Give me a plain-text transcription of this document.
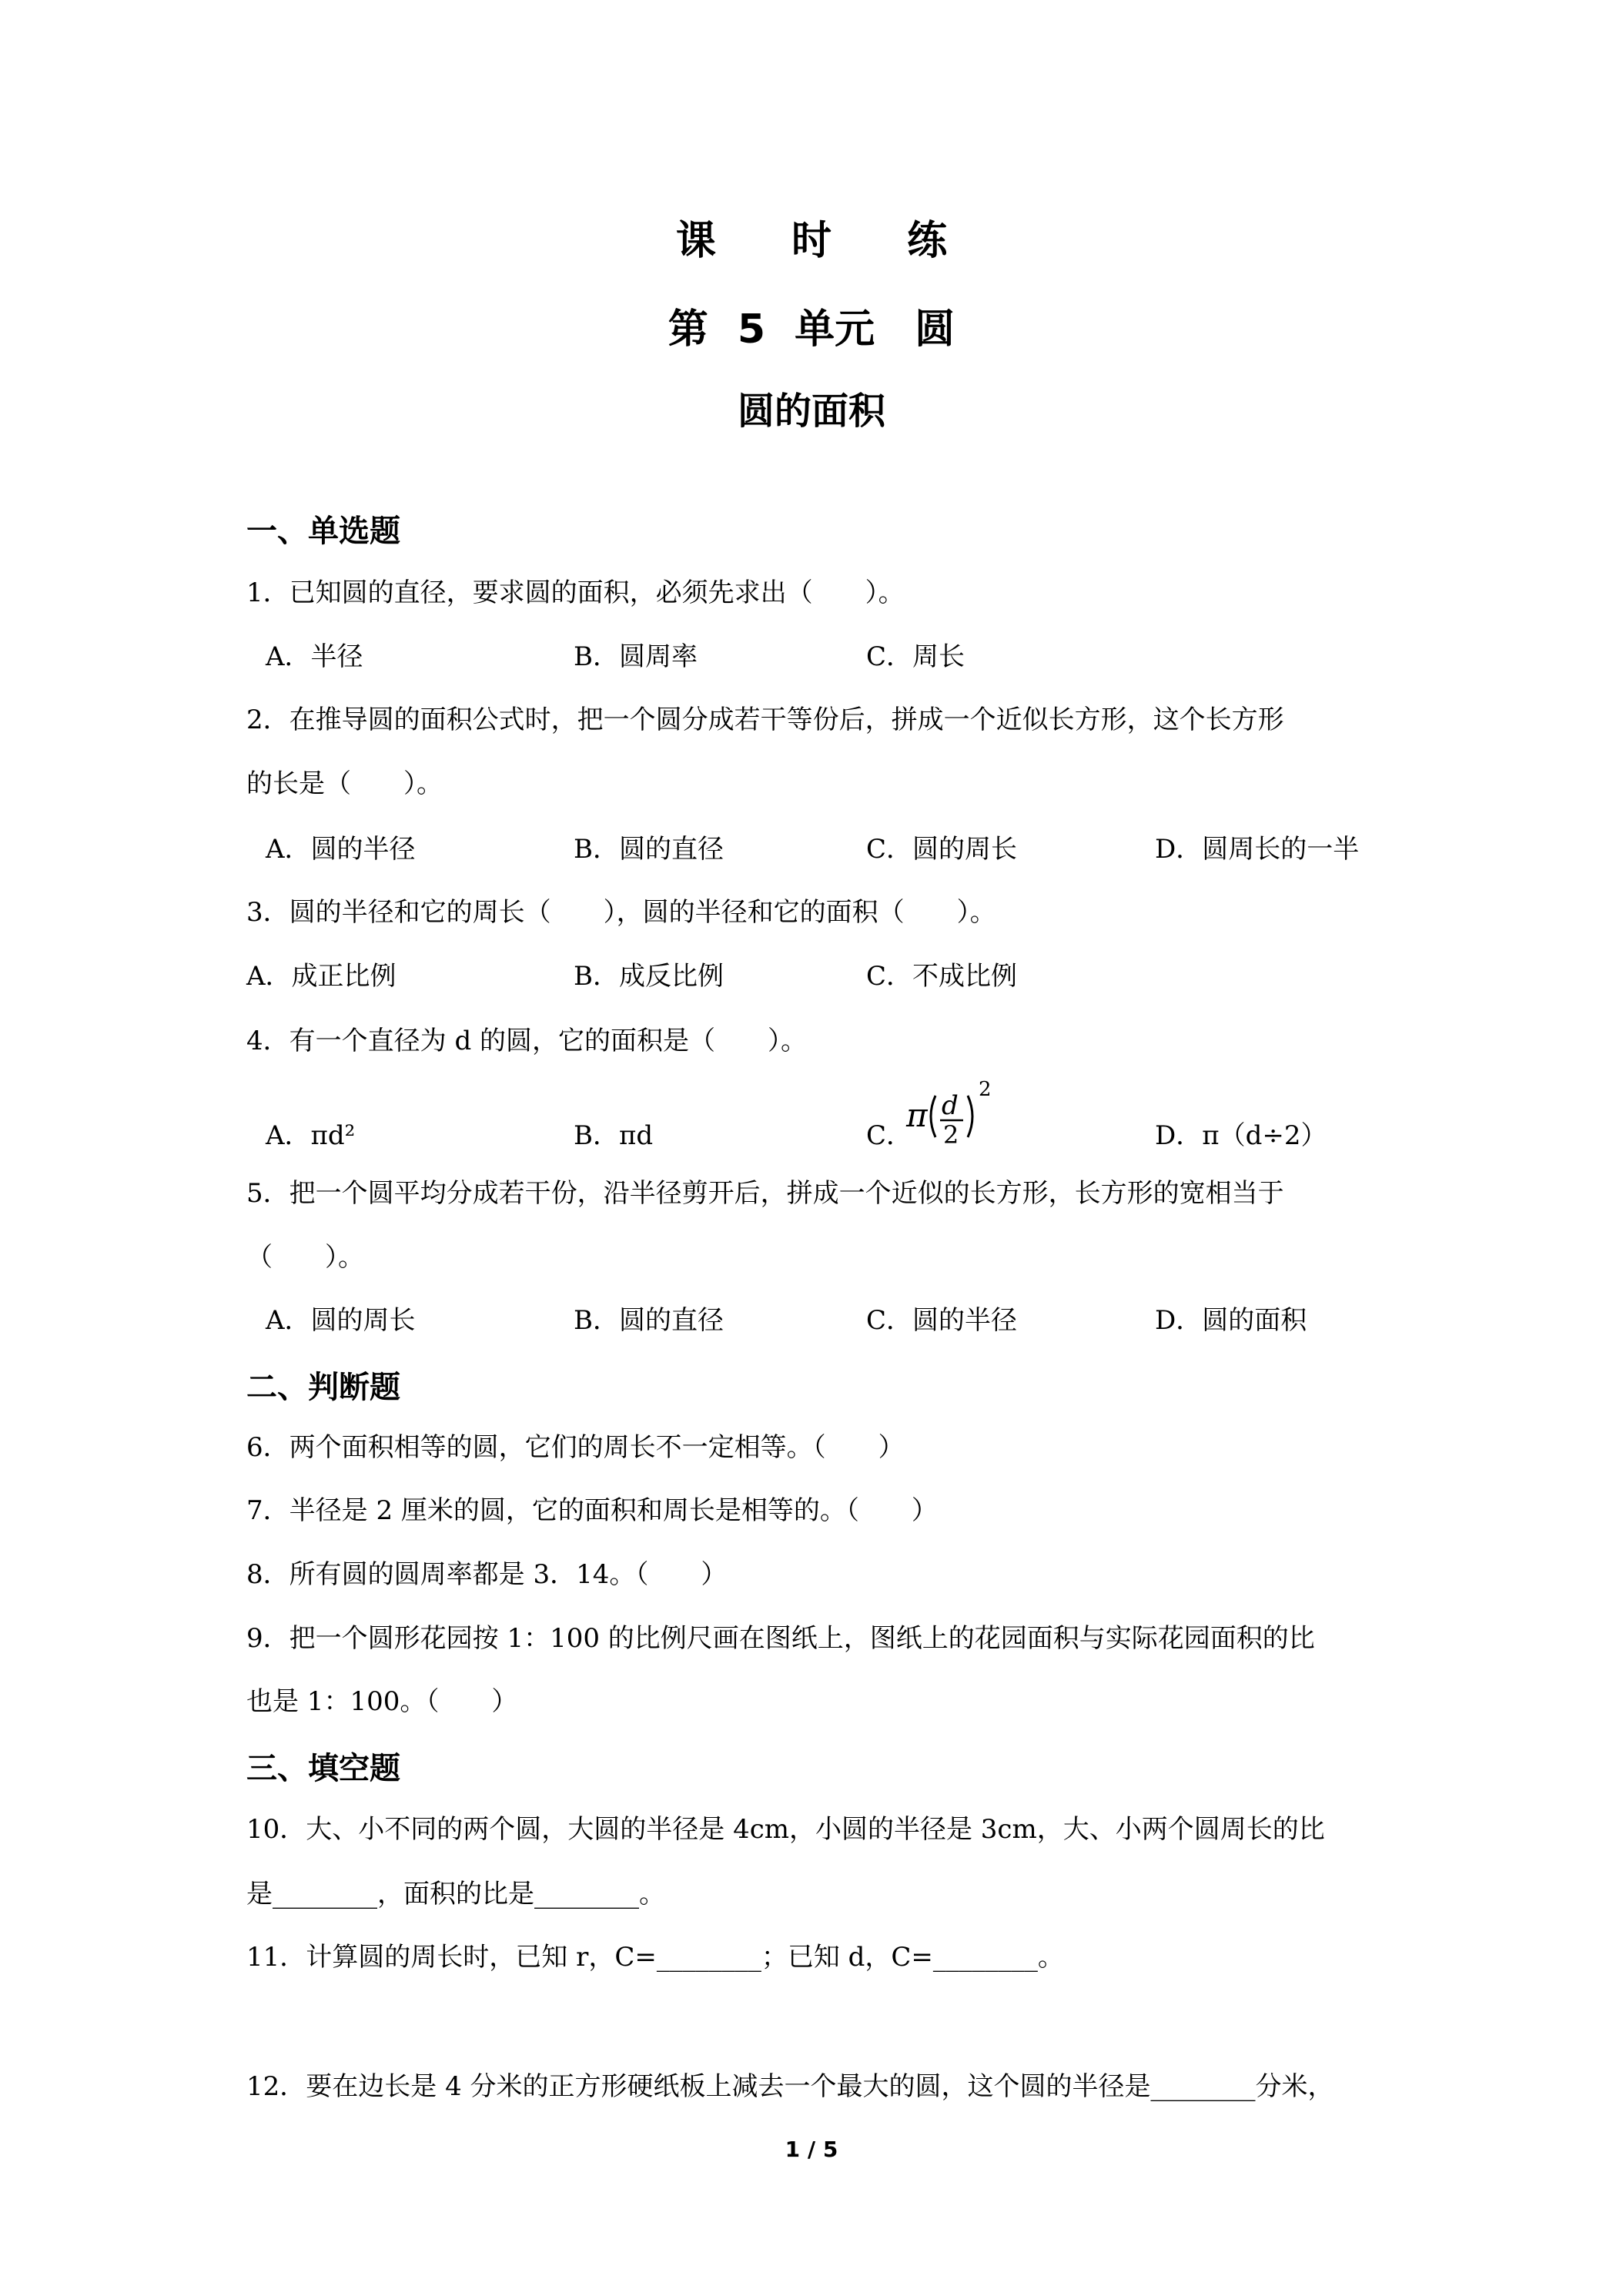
课 时 练
第 5 单元　圆
圆的面积
一、单选题
1．已知圆的直径，要求圆的面积，必须先求出（　　）。
A．半径	B．圆周率	C．周长
2．在推导圆的面积公式时，把一个圆分成若干等份后，拼成一个近似长方形，这个长方形
的长是（　　）。
A．圆的半径	B．圆的直径	C．圆的周长	D．圆周长的一半
3．圆的半径和它的周长（　　），圆的半径和它的面积（　　）。
A．成正比例	B．成反比例	C．不成比例
4．有一个直径为 d 的圆，它的面积是（　　）。
A．πd²	B．πd	C．
π d
2
2
D．π（d÷2）
5．把一个圆平均分成若干份，沿半径剪开后，拼成一个近似的长方形，长方形的宽相当于
（　　）。
A．圆的周长	B．圆的直径	C．圆的半径	D．圆的面积
二、判断题
6．两个面积相等的圆，它们的周长不一定相等。（　　）
7．半径是 2 厘米的圆，它的面积和周长是相等的。（　　）
8．所有圆的圆周率都是 3．14。（　　）
9．把一个圆形花园按 1：100 的比例尺画在图纸上，图纸上的花园面积与实际花园面积的比
也是 1：100。（　　）
三、填空题
10．大、小不同的两个圆，大圆的半径是 4cm，小圆的半径是 3cm，大、小两个圆周长的比
是________，面积的比是________。
11．计算圆的周长时，已知 r，C=________；已知 d，C=________。
12．要在边长是 4 分米的正方形硬纸板上减去一个最大的圆，这个圆的半径是________分米，
1 / 5
